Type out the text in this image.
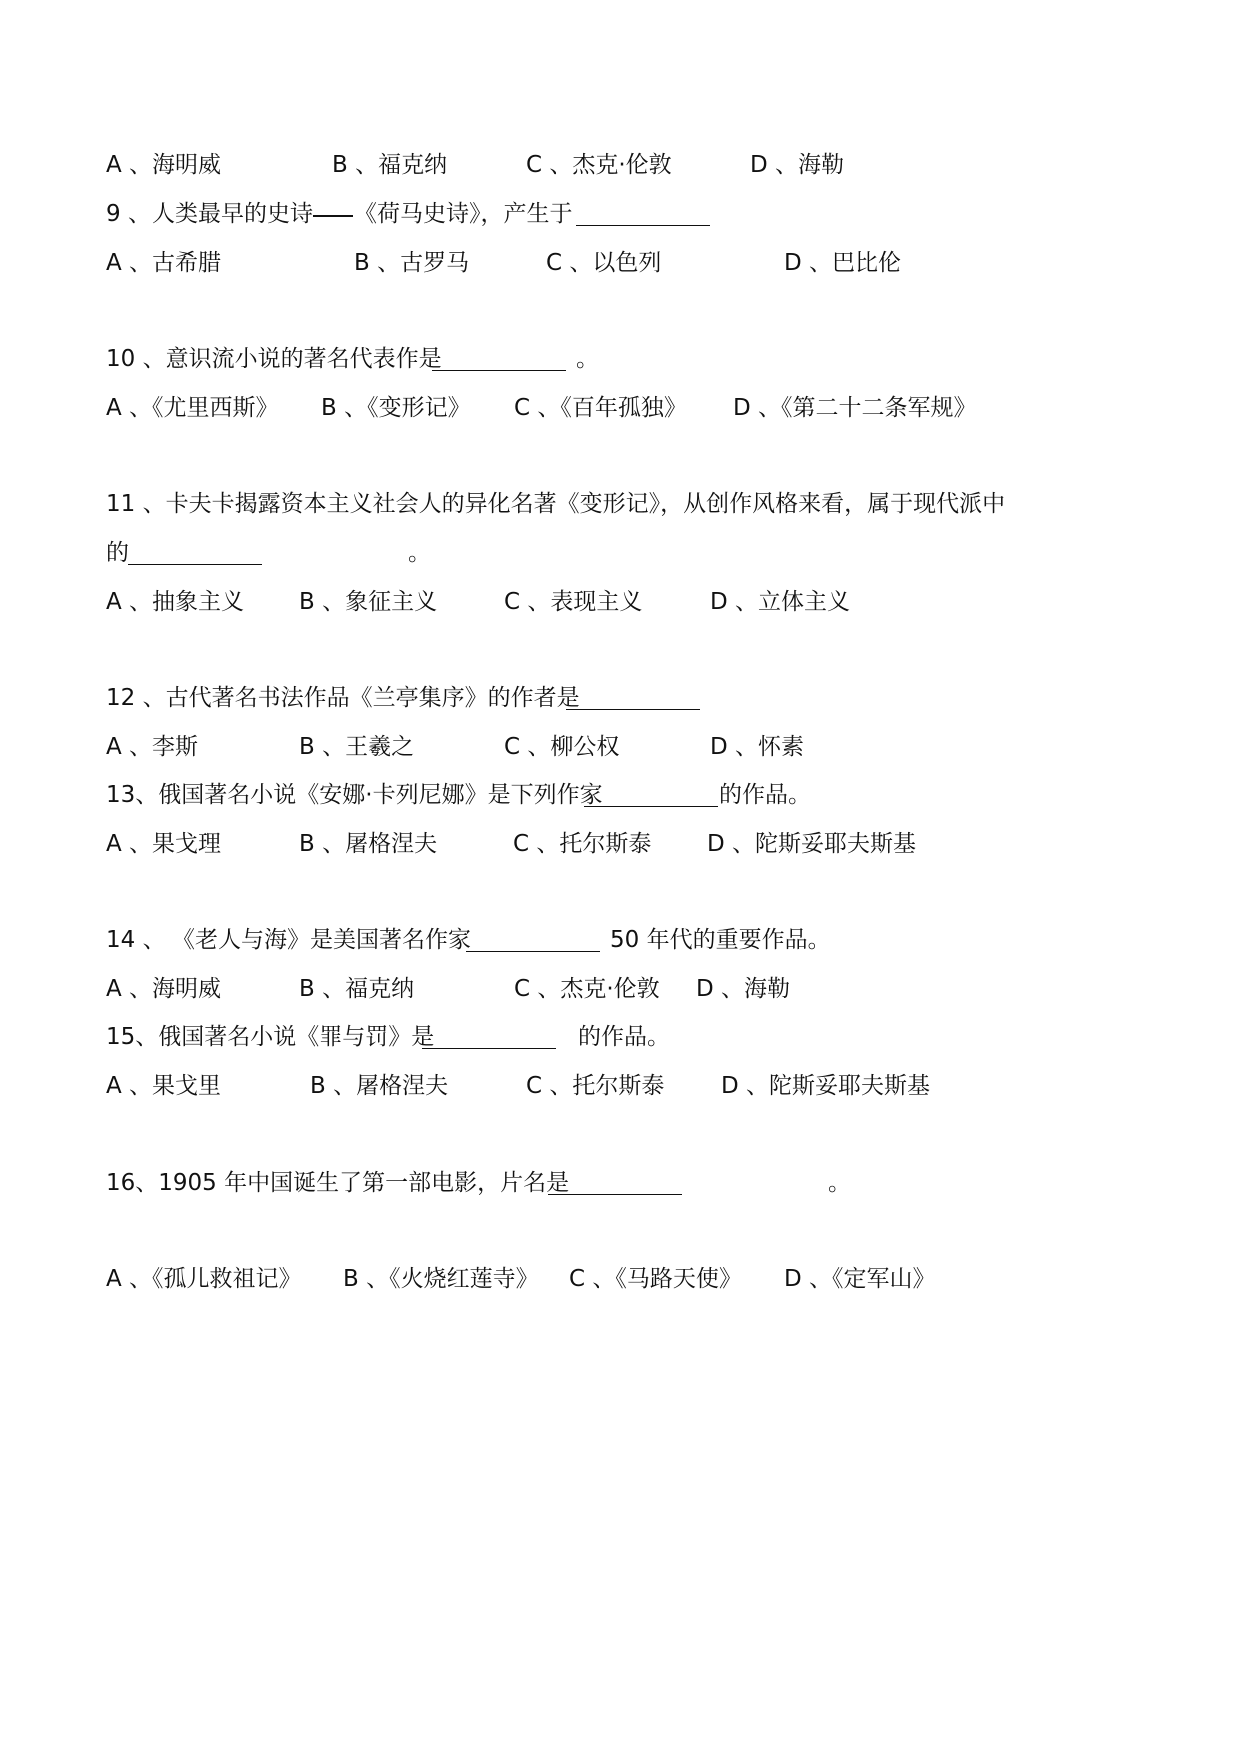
A 、海明威	B 、福克纳	C 、杰克·伦敦	D 、海勒
9 、 人类最早的史诗 《荷马史诗》，产生于
A 、古希腊	B 、古罗马	C 、以色列	D 、巴比伦
10 、意识流小说的著名代表作是	。
A 、《尤里西斯》 B 、《变形记》 C 、《百年孤独》 D 、《第二十二条军规》
11 、卡夫卡揭露资本主义社会人的异化名著《变形记》，从创作风格来看，属于现代派中
的	。
A 、抽象主义 B 、象征主义	C 、表现主义	D 、立体主义
12 、古代著名书法作品《兰亭集序》的作者是
A 、李斯	B 、王羲之	C 、柳公权	D 、怀素
13、俄国著名小说《安娜·卡列尼娜》是下列作家	的作品。
A 、果戈理	B 、屠格涅夫	C 、托尔斯泰 D 、陀斯妥耶夫斯基
14 、 《老人与海》是美国著名作家	50 年代的重要作品。
A 、海明威	B 、福克纳	C 、杰克·伦敦 D 、海勒
15、俄国著名小说《罪与罚》是	的作品。
A 、果戈里	B 、屠格涅夫	C 、托尔斯泰 D 、陀斯妥耶夫斯基
16、1905 年中国诞生了第一部电影，片名是	。
A 、《孤儿救祖记》 B 、《火烧红莲寺》 C 、《马路天使》 D 、《定军山》
